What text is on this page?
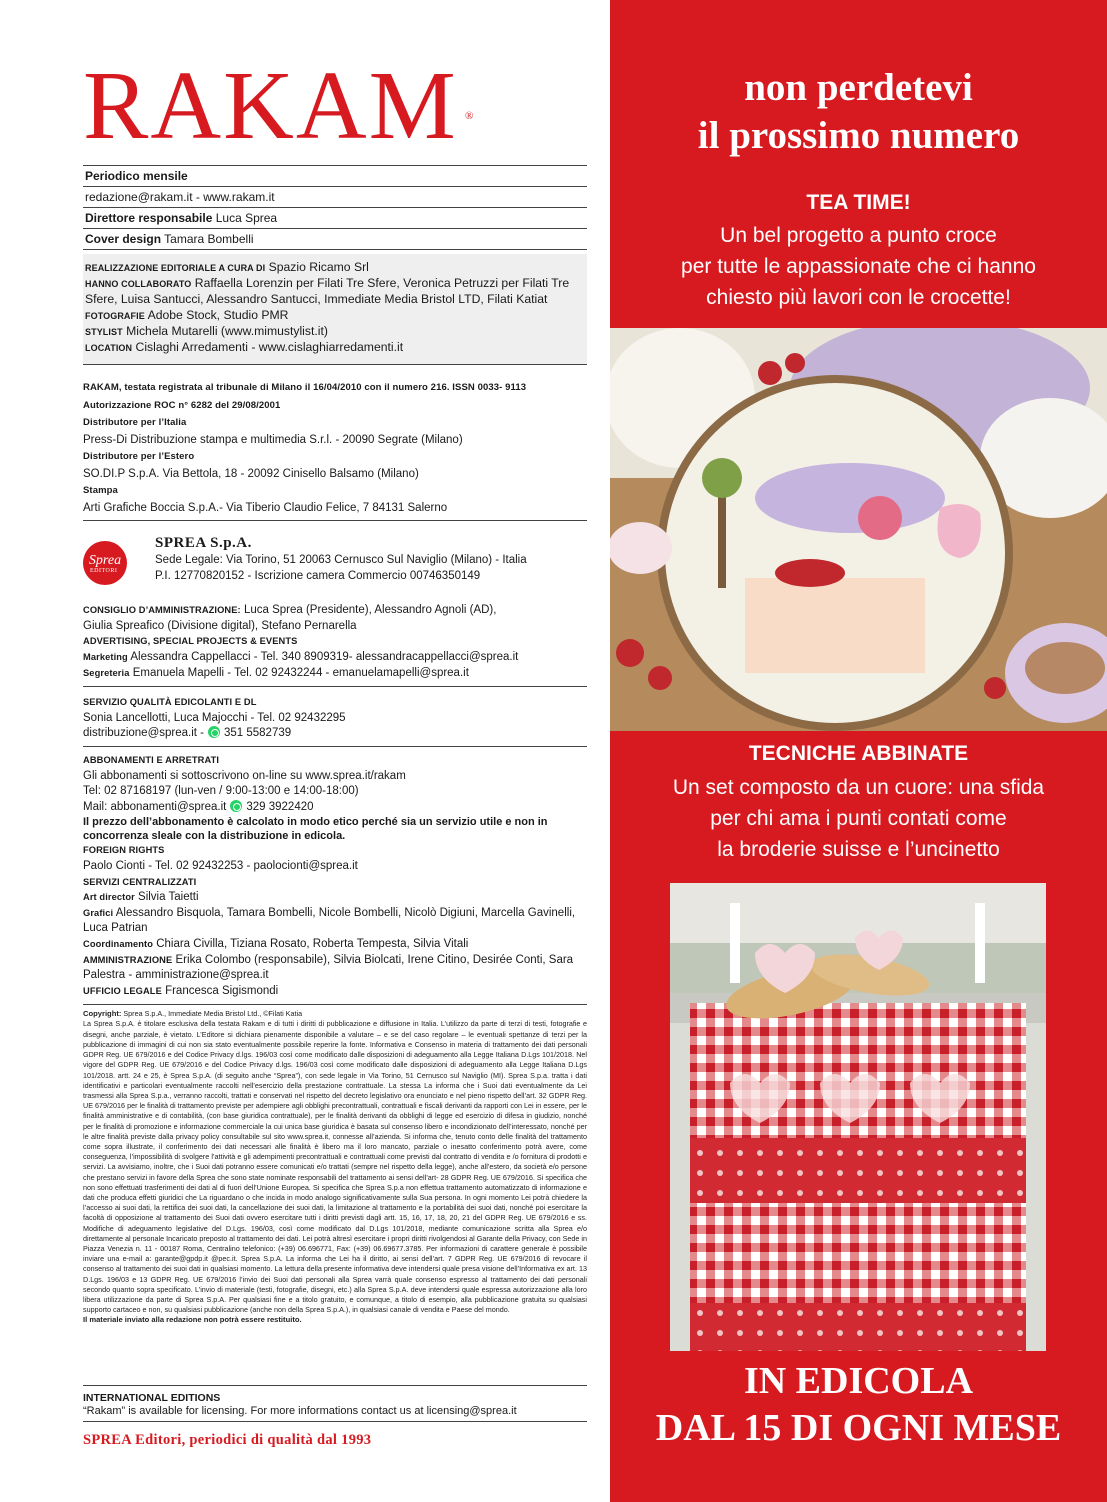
RAKAM ®
Periodico mensile
redazione@rakam.it - www.rakam.it
Direttore responsabile Luca Sprea
Cover design Tamara Bombelli
REALIZZAZIONE EDITORIALE A CURA DI Spazio Ricamo Srl
HANNO COLLABORATO Raffaella Lorenzin per Filati Tre Sfere, Veronica Petruzzi per Filati Tre Sfere, Luisa Santucci, Alessandro Santucci, Immediate Media Bristol LTD, Filati Katiat
FOTOGRAFIE Adobe Stock, Studio PMR
STYLIST Michela Mutarelli (www.mimustylist.it)
LOCATION Cislaghi Arredamenti - www.cislaghiarredamenti.it
RAKAM, testata registrata al tribunale di Milano il 16/04/2010 con il numero 216. ISSN 0033- 9113
Autorizzazione ROC n° 6282 del 29/08/2001
Distributore per l’Italia
Press-Di Distribuzione stampa e multimedia S.r.l. - 20090 Segrate (Milano)
Distributore per l’Estero
SO.DI.P S.p.A. Via Bettola, 18 - 20092 Cinisello Balsamo (Milano)
Stampa
Arti Grafiche Boccia S.p.A.- Via Tiberio Claudio Felice, 7 84131 Salerno
Sprea
EDITORI
SPREA S.p.A.
Sede Legale: Via Torino, 51 20063 Cernusco Sul Naviglio (Milano) - Italia
P.I. 12770820152 - Iscrizione camera Commercio 00746350149
CONSIGLIO D’AMMINISTRAZIONE: Luca Sprea (Presidente), Alessandro Agnoli (AD),
Giulia Spreafico (Divisione digital), Stefano Pernarella
ADVERTISING, SPECIAL PROJECTS & EVENTS
Marketing Alessandra Cappellacci - Tel. 340 8909319- alessandracappellacci@sprea.it
Segreteria Emanuela Mapelli - Tel. 02 92432244 - emanuelamapelli@sprea.it
SERVIZIO QUALITÀ EDICOLANTI E DL
Sonia Lancellotti, Luca Majocchi - Tel. 02 92432295
distribuzione@sprea.it - 351 5582739
ABBONAMENTI E ARRETRATI
Gli abbonamenti si sottoscrivono on-line su www.sprea.it/rakam
Tel: 02 87168197 (lun-ven / 9:00-13:00 e 14:00-18:00)
Mail: abbonamenti@sprea.it 329 3922420
Il prezzo dell’abbonamento è calcolato in modo etico perché sia un servizio utile e non in concorrenza sleale con la distribuzione in edicola.
FOREIGN RIGHTS
Paolo Cionti - Tel. 02 92432253 - paolocionti@sprea.it
SERVIZI CENTRALIZZATI
Art director Silvia Taietti
Grafici Alessandro Bisquola, Tamara Bombelli, Nicole Bombelli, Nicolò Digiuni, Marcella Gavinelli, Luca Patrian
Coordinamento Chiara Civilla, Tiziana Rosato, Roberta Tempesta, Silvia Vitali
AMMINISTRAZIONE Erika Colombo (responsabile), Silvia Biolcati, Irene Citino, Desirée Conti, Sara Palestra - amministrazione@sprea.it
UFFICIO LEGALE Francesca Sigismondi
Copyright: Sprea S.p.A., Immediate Media Bristol Ltd., ©Filati Katia
La Sprea S.p.A. è titolare esclusiva della testata Rakam e di tutti i diritti di pubblicazione e diffusione in Italia. L’utilizzo da parte di terzi di testi, fotografie e disegni, anche parziale, è vietato. L’Editore si dichiara pienamente disponibile a valutare – e se del caso regolare – le eventuali spettanze di terzi per la pubblicazione di immagini di cui non sia stato eventualmente possibile reperire la fonte. Informativa e Consenso in materia di trattamento dei dati personali GDPR Reg. UE 679/2016 e del Codice Privacy d.lgs. 196/03 così come modificato dalle disposizioni di adeguamento alla Legge Italiana D.Lgs 101/2018. Nel vigore del GDPR Reg. UE 679/2016 e del Codice Privacy d.lgs. 196/03 così come modificato dalle disposizioni di adeguamento alla Legge Italiana D.Lgs 101/2018. artt. 24 e 25, è Sprea S.p.A. (di seguito anche “Sprea”), con sede legale in Via Torino, 51 Cernusco sul Naviglio (MI). Sprea S.p.a. tratta i dati identificativi e particolari eventualmente raccolti nell’esercizio della prestazione contrattuale. La stessa La informa che i Suoi dati eventualmente da Lei trasmessi alla Sprea S.p.a., verranno raccolti, trattati e conservati nel rispetto del decreto legislativo ora enunciato e nel pieno rispetto dell’art. 32 GDPR Reg. UE 679/2016 per le finalità di trattamento previste per adempiere agli obblighi precontrattuali, contrattuali e fiscali derivanti da rapporti con Lei in essere, per le finalità amministrative e di contabilità, (con base giuridica contrattuale), per le finalità derivanti da obblighi di legge ed esercizio di difesa in giudizio, nonché per le finalità di promozione e informazione commerciale la cui unica base giuridica è basata sul consenso libero e incondizionato dell’interessato, nonché per le altre finalità previste dalla privacy policy consultabile sul sito www.sprea.it, connesse all’azienda. Si informa che, tenuto conto delle finalità del trattamento come sopra illustrate, il conferimento dei dati necessari alle finalità è libero ma il loro mancato, parziale o inesatto conferimento potrà avere, come conseguenza, l’impossibilità di svolgere l’attività e gli adempimenti precontrattuali e contrattuali come previsti dal contratto di vendita e /o fornitura di prodotti e servizi. La avvisiamo, inoltre, che i Suoi dati potranno essere comunicati e/o trattati (sempre nel rispetto della legge), anche all’estero, da società e/o persone che prestano servizi in favore della Sprea che sono state nominate responsabili del trattamento ai sensi dell’art- 28 GDPR Reg. UE 679/2016. Si specifica che non sono effettuati trasferimenti dei dati al di fuori dell’Unione Europea. Si specifica che Sprea S.p.a non effettua trattamento automatizzato di informazione e dati che produca effetti giuridici che La riguardano o che incida in modo analogo significativamente sulla Sua persona. In ogni momento Lei potrà chiedere la l’accesso ai suoi dati, la rettifica dei suoi dati, la cancellazione dei suoi dati, la limitazione al trattamento e la portabilità dei suoi dati, nonché poi esercitare la facoltà di opposizione al trattamento dei Suoi dati ovvero esercitare tutti i diritti previsti dagli artt. 15, 16, 17, 18, 20, 21 del GDPR Reg. UE 679/2016 e ss. Modifiche di adeguamento legislative del D.Lgs. 196/03, così come modificato dal D.Lgs 101/2018, mediante comunicazione scritta alla Sprea e/o direttamente al personale Incaricato preposto al trattamento dei dati. Lei potrà altresì esercitare i propri diritti rivolgendosi al Garante della Privacy, con Sede in Piazza Venezia n. 11 - 00187 Roma, Centralino telefonico: (+39) 06.696771, Fax: (+39) 06.69677.3785. Per informazioni di carattere generale è possibile inviare una e-mail a: garante@gpdp.it @pec.it. Sprea S.p.A. La informa che Lei ha il diritto, ai sensi dell’art. 7 GDPR Reg. UE 679/2016 di revocare il consenso al trattamento dei suoi dati in qualsiasi momento. La lettura della presente informativa deve intendersi quale presa visione dell’Informativa ex art. 13 D.Lgs. 196/03 e 13 GDPR Reg. UE 679/2016 l’invio dei Suoi dati personali alla Sprea varrà quale consenso espresso al trattamento dei dati personali secondo quanto sopra specificato. L’invio di materiale (testi, fotografie, disegni, etc.) alla Sprea S.p.A. deve intendersi quale espressa autorizzazione alla loro libera utilizzazione da parte di Sprea S.p.A. Per qualsiasi fine e a titolo gratuito, e comunque, a titolo di esempio, alla pubblicazione gratuita su qualsiasi supporto cartaceo e non, su qualsiasi pubblicazione (anche non della Sprea S.p.A.), in qualsiasi canale di vendita e Paese del mondo.
Il materiale inviato alla redazione non potrà essere restituito.
INTERNATIONAL EDITIONS
“Rakam” is available for licensing. For more informations contact us at licensing@sprea.it
SPREA Editori, periodici di qualità dal 1993
non perdetevi
il prossimo numero
TEA TIME!
Un bel progetto a punto croce
per tutte le appassionate che ci hanno
chiesto più lavori con le crocette!
TECNICHE ABBINATE
Un set composto da un cuore: una sfida
per chi ama i punti contati come
la broderie suisse e l’uncinetto
IN EDICOLA
DAL 15 DI OGNI MESE
